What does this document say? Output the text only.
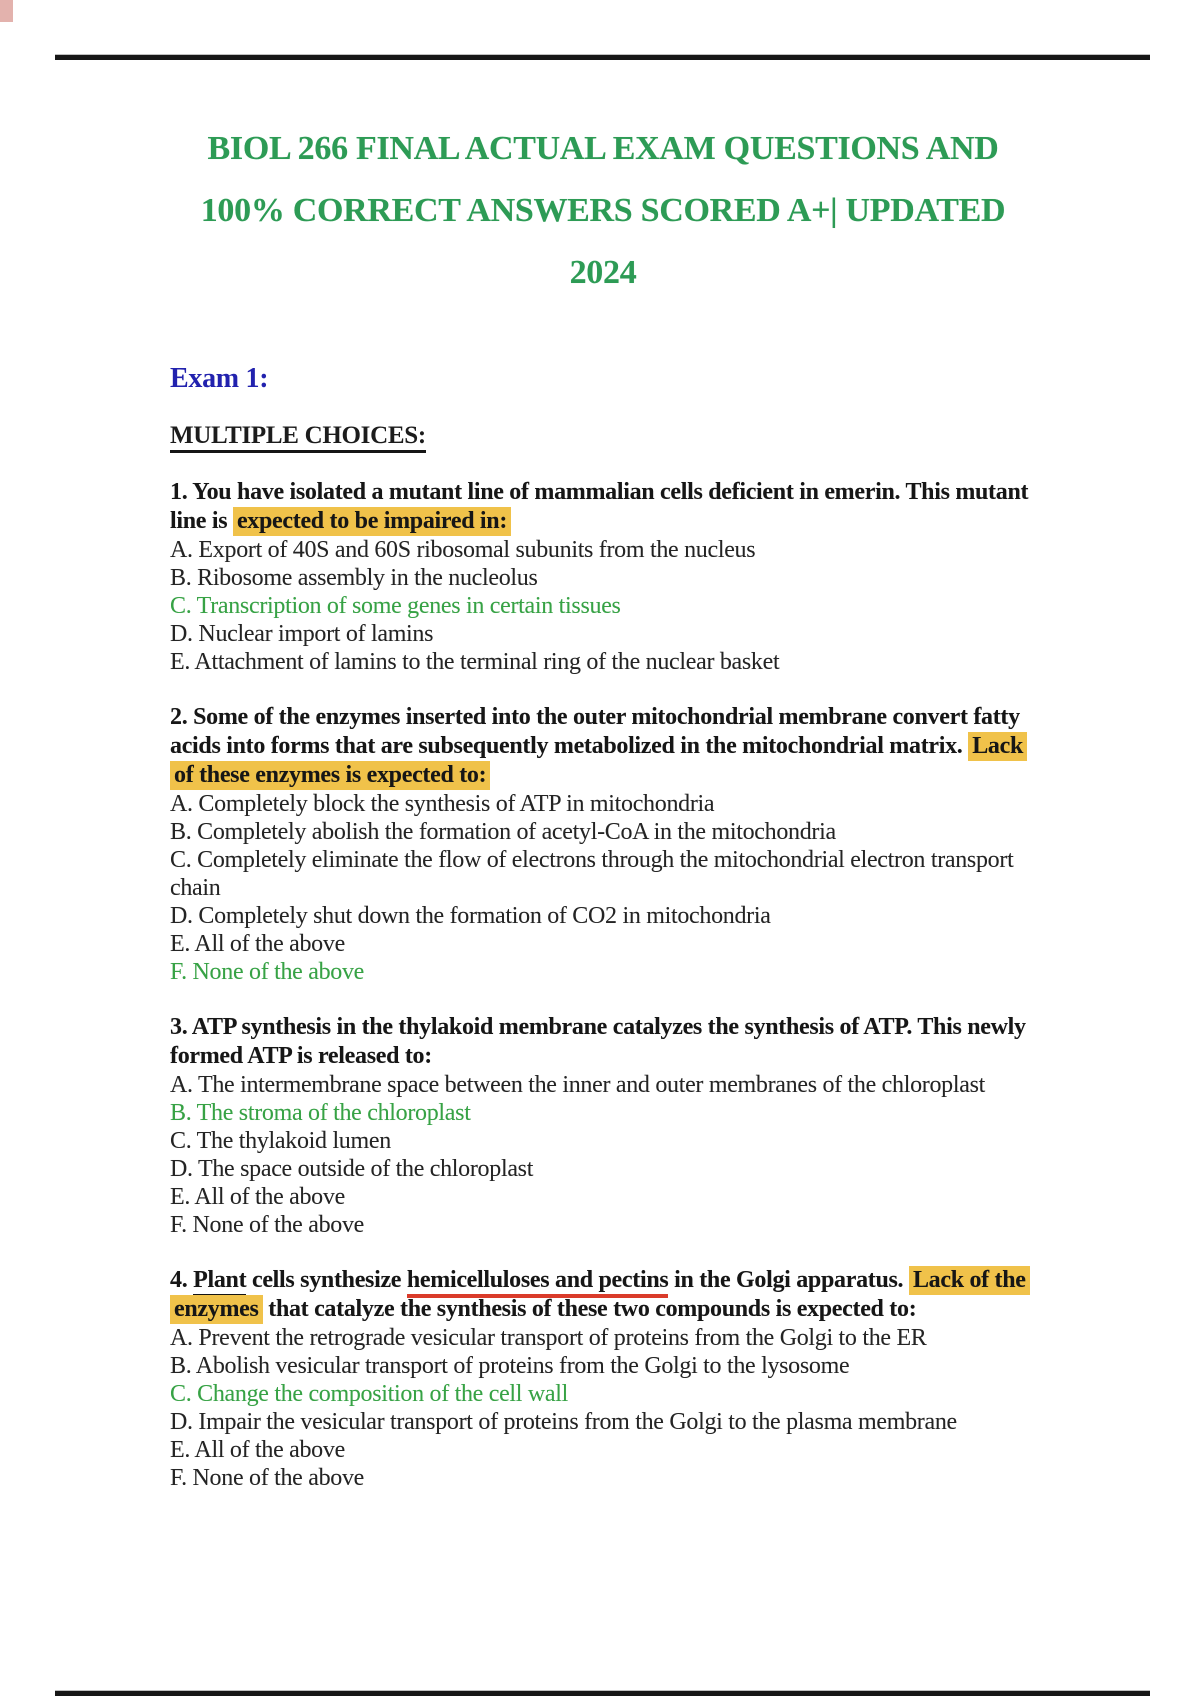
BIOL 266 FINAL ACTUAL EXAM QUESTIONS AND
100% CORRECT ANSWERS SCORED A+| UPDATED
2024
Exam 1:
MULTIPLE CHOICES:
1. You have isolated a mutant line of mammalian cells deficient in emerin. This mutant line is expected to be impaired in:
A. Export of 40S and 60S ribosomal subunits from the nucleus
B. Ribosome assembly in the nucleolus
C. Transcription of some genes in certain tissues
D. Nuclear import of lamins
E. Attachment of lamins to the terminal ring of the nuclear basket
2. Some of the enzymes inserted into the outer mitochondrial membrane convert fatty acids into forms that are subsequently metabolized in the mitochondrial matrix. Lack of these enzymes is expected to:
A. Completely block the synthesis of ATP in mitochondria
B. Completely abolish the formation of acetyl-CoA in the mitochondria
C. Completely eliminate the flow of electrons through the mitochondrial electron transport chain
D. Completely shut down the formation of CO2 in mitochondria
E. All of the above
F. None of the above
3. ATP synthesis in the thylakoid membrane catalyzes the synthesis of ATP. This newly formed ATP is released to:
A. The intermembrane space between the inner and outer membranes of the chloroplast
B. The stroma of the chloroplast
C. The thylakoid lumen
D. The space outside of the chloroplast
E. All of the above
F. None of the above
4. Plant cells synthesize hemicelluloses and pectins in the Golgi apparatus. Lack of the enzymes that catalyze the synthesis of these two compounds is expected to:
A. Prevent the retrograde vesicular transport of proteins from the Golgi to the ER
B. Abolish vesicular transport of proteins from the Golgi to the lysosome
C. Change the composition of the cell wall
D. Impair the vesicular transport of proteins from the Golgi to the plasma membrane
E. All of the above
F. None of the above
